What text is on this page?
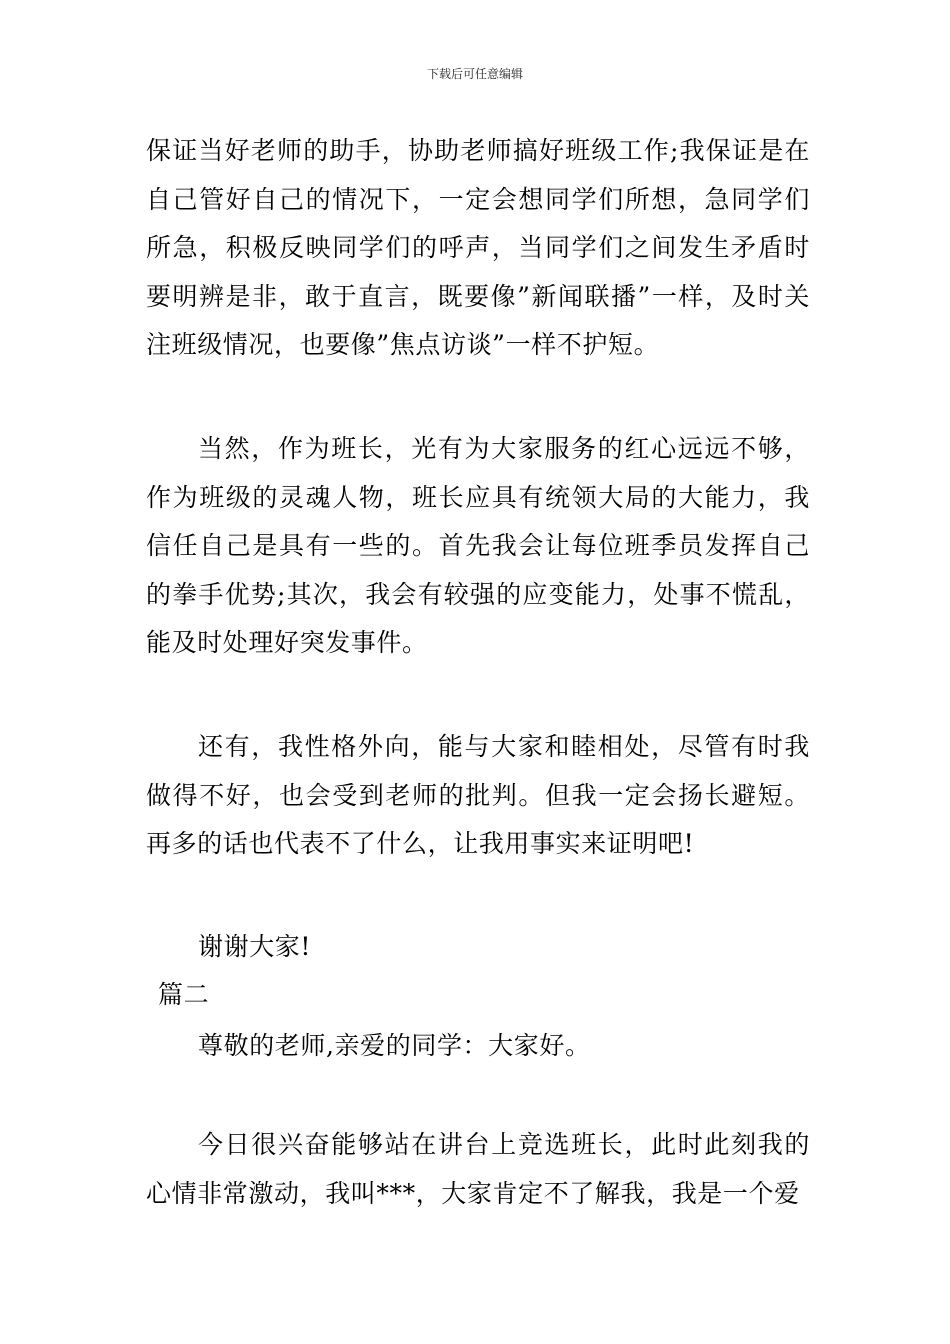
下载后可任意编辑

保证当好老师的助手，协助老师搞好班级工作;我保证是在自己管好自己的情况下，一定会想同学们所想，急同学们所急，积极反映同学们的呼声，当同学们之间发生矛盾时要明辨是非，敢于直言，既要像”新闻联播”一样，及时关注班级情况，也要像”焦点访谈”一样不护短。

当然，作为班长，光有为大家服务的红心远远不够，作为班级的灵魂人物，班长应具有统领大局的大能力，我信任自己是具有一些的。首先我会让每位班季员发挥自己的拳手优势;其次，我会有较强的应变能力，处事不慌乱，能及时处理好突发事件。

还有，我性格外向，能与大家和睦相处，尽管有时我做得不好，也会受到老师的批判。但我一定会扬长避短。再多的话也代表不了什么，让我用事实来证明吧!

谢谢大家!

篇二

尊敬的老师,亲爱的同学：大家好。

今日很兴奋能够站在讲台上竞选班长，此时此刻我的心情非常激动，我叫***，大家肯定不了解我，我是一个爱
